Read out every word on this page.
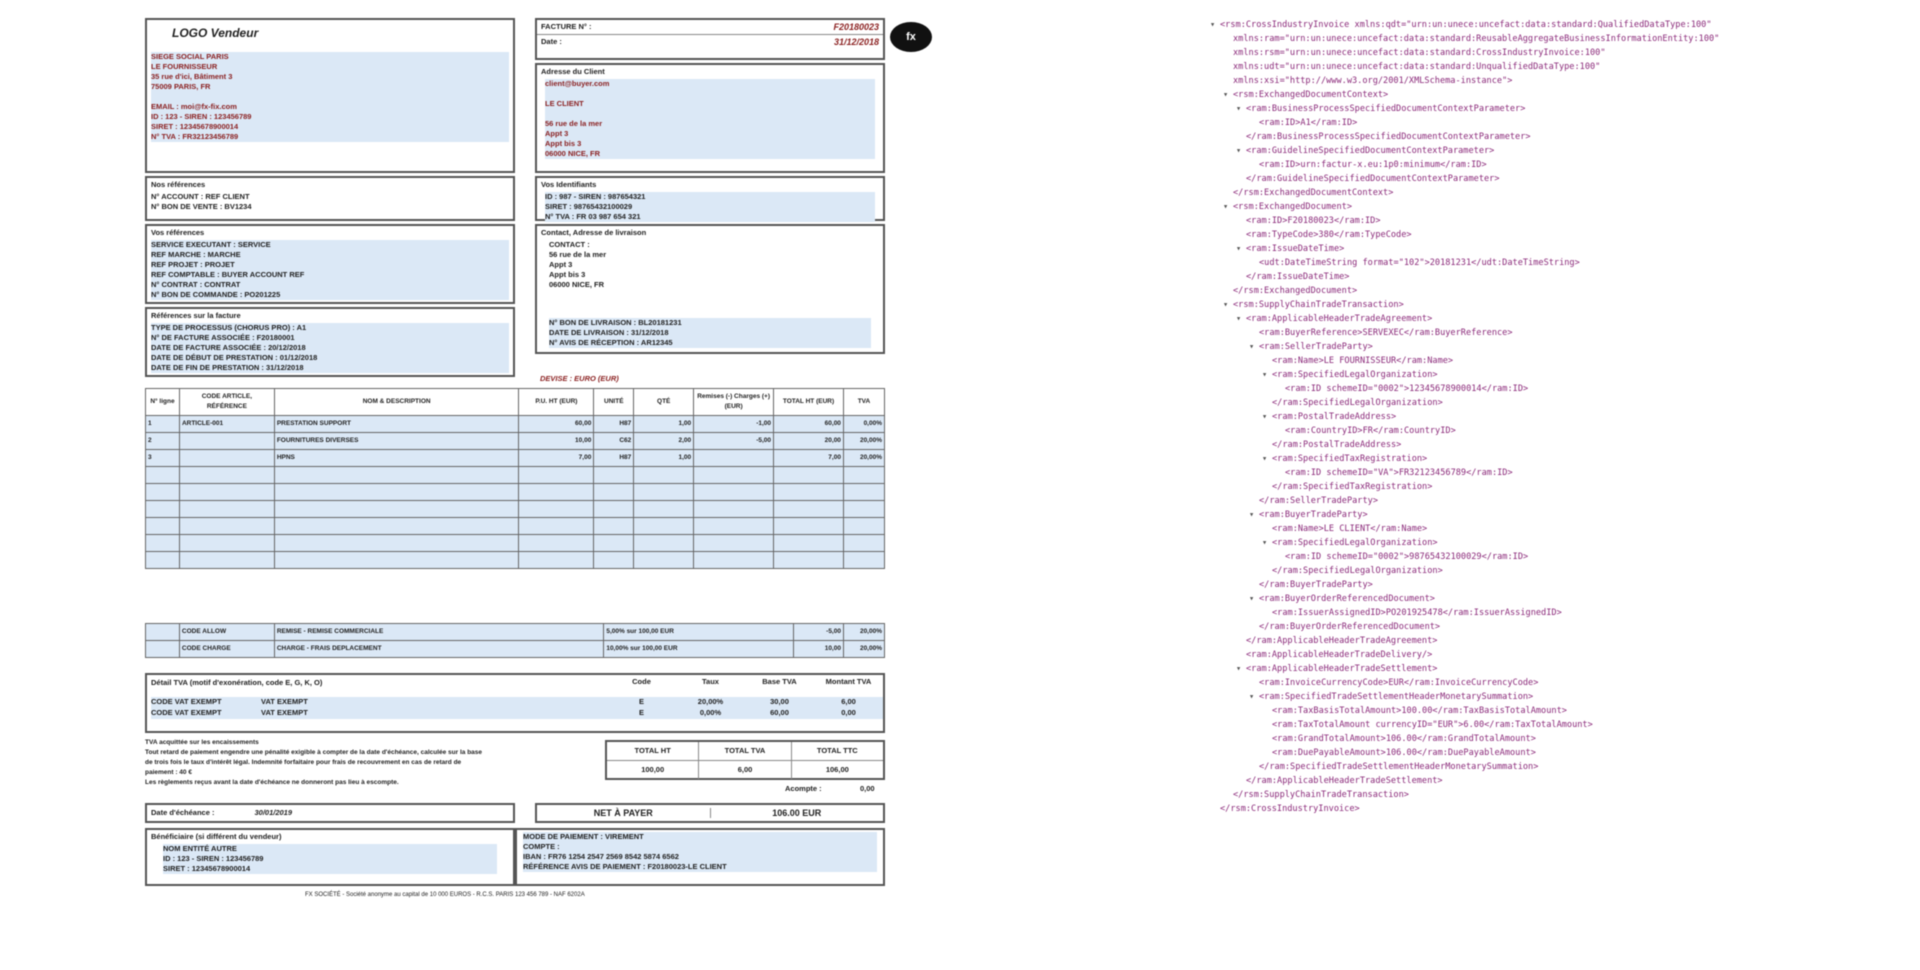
LOGO Vendeur
SIEGE SOCIAL PARIS
LE FOURNISSEUR
35 rue d'ici, Bâtiment 3
75009 PARIS, FR
EMAIL : moi@fx-fix.com
ID : 123 - SIREN : 123456789
SIRET : 12345678900014
N° TVA : FR32123456789
FACTURE N° :	F20180023
Date :	31/12/2018	fx
Adresse du Client
client@buyer.com
LE CLIENT
56 rue de la mer
Appt 3
Appt bis 3
06000 NICE, FR
Nos références
N° ACCOUNT : REF CLIENT
N° BON DE VENTE : BV1234
Vos Identifiants
ID : 987 - SIREN : 987654321
SIRET : 98765432100029
N° TVA : FR 03 987 654 321
Vos références
SERVICE EXECUTANT : SERVICE
REF MARCHE : MARCHE
REF PROJET : PROJET
REF COMPTABLE : BUYER ACCOUNT REF
N° CONTRAT : CONTRAT
N° BON DE COMMANDE : PO201225
Contact, Adresse de livraison
CONTACT :
56 rue de la mer
Appt 3
Appt bis 3
06000 NICE, FR
N° BON DE LIVRAISON : BL20181231
DATE DE LIVRAISON : 31/12/2018
N° AVIS DE RÉCEPTION : AR12345
Références sur la facture
TYPE DE PROCESSUS (CHORUS PRO) : A1
N° DE FACTURE ASSOCIÉE : F20180001
DATE DE FACTURE ASSOCIÉE : 20/12/2018
DATE DE DÉBUT DE PRESTATION : 01/12/2018
DATE DE FIN DE PRESTATION : 31/12/2018
DEVISE : EURO (EUR)
N° ligne	CODE ARTICLE, RÉFÉRENCE	NOM & DESCRIPTION	P.U. HT (EUR)	UNITÉ	QTÉ	Remises (-) Charges (+) (EUR)	TOTAL HT (EUR)	TVA
1	ARTICLE-001	PRESTATION SUPPORT	60,00	H87	1,00	-1,00	60,00	0,00%
2		FOURNITURES DIVERSES	10,00	C62	2,00	-5,00	20,00	20,00%
3		HPNS	7,00	H87	1,00		7,00	20,00%

	CODE ALLOW	REMISE - REMISE COMMERCIALE	5,00% sur 100,00 EUR	-5,00	20,00%
	CODE CHARGE	CHARGE - FRAIS DEPLACEMENT	10,00% sur 100,00 EUR	10,00	20,00%
Détail TVA (motif d'exonération, code E, G, K, O)	Code	Taux	Base TVA	Montant TVA
CODE VAT EXEMPT	VAT EXEMPT	E	20,00%	30,00	6,00
CODE VAT EXEMPT	VAT EXEMPT	E	0,00%	60,00	0,00
TVA acquittée sur les encaissements
Tout retard de paiement engendre une pénalité exigible à compter de la date d'échéance, calculée sur la base
de trois fois le taux d'intérêt légal. Indemnité forfaitaire pour frais de recouvrement en cas de retard de
paiement : 40 €
Les règlements reçus avant la date d'échéance ne donneront pas lieu à escompte.
TOTAL HT	TOTAL TVA	TOTAL TTC
100,00	6,00	106,00
Acompte :	0,00
Date d'échéance :	30/01/2019	NET À PAYER	106.00 EUR
Bénéficiaire (si différent du vendeur)
NOM ENTITÉ AUTRE
ID : 123 - SIREN : 123456789
SIRET : 12345678900014
MODE DE PAIEMENT : VIREMENT
COMPTE :
IBAN : FR76 1254 2547 2569 8542 5874 6562
RÉFÉRENCE AVIS DE PAIEMENT : F20180023-LE CLIENT
FX SOCIÉTÉ - Société anonyme au capital de 10 000 EUROS - R.C.S. PARIS 123 456 789 - NAF 6202A
▾ <rsm:CrossIndustryInvoice xmlns:qdt="urn:un:unece:uncefact:data:standard:QualifiedDataType:100"
xmlns:ram="urn:un:unece:uncefact:data:standard:ReusableAggregateBusinessInformationEntity:100"
xmlns:rsm="urn:un:unece:uncefact:data:standard:CrossIndustryInvoice:100"
xmlns:udt="urn:un:unece:uncefact:data:standard:UnqualifiedDataType:100"
xmlns:xsi="http://www.w3.org/2001/XMLSchema-instance">
▾ <rsm:ExchangedDocumentContext>
▾ <ram:BusinessProcessSpecifiedDocumentContextParameter>
<ram:ID>A1</ram:ID>
</ram:BusinessProcessSpecifiedDocumentContextParameter>
▾ <ram:GuidelineSpecifiedDocumentContextParameter>
<ram:ID>urn:factur-x.eu:1p0:minimum</ram:ID>
</ram:GuidelineSpecifiedDocumentContextParameter>
</rsm:ExchangedDocumentContext>
▾ <rsm:ExchangedDocument>
<ram:ID>F20180023</ram:ID>
<ram:TypeCode>380</ram:TypeCode>
▾ <ram:IssueDateTime>
<udt:DateTimeString format="102">20181231</udt:DateTimeString>
</ram:IssueDateTime>
</rsm:ExchangedDocument>
▾ <rsm:SupplyChainTradeTransaction>
▾ <ram:ApplicableHeaderTradeAgreement>
<ram:BuyerReference>SERVEXEC</ram:BuyerReference>
▾ <ram:SellerTradeParty>
<ram:Name>LE FOURNISSEUR</ram:Name>
▾ <ram:SpecifiedLegalOrganization>
<ram:ID schemeID="0002">12345678900014</ram:ID>
</ram:SpecifiedLegalOrganization>
▾ <ram:PostalTradeAddress>
<ram:CountryID>FR</ram:CountryID>
</ram:PostalTradeAddress>
▾ <ram:SpecifiedTaxRegistration>
<ram:ID schemeID="VA">FR32123456789</ram:ID>
</ram:SpecifiedTaxRegistration>
</ram:SellerTradeParty>
▾ <ram:BuyerTradeParty>
<ram:Name>LE CLIENT</ram:Name>
▾ <ram:SpecifiedLegalOrganization>
<ram:ID schemeID="0002">98765432100029</ram:ID>
</ram:SpecifiedLegalOrganization>
</ram:BuyerTradeParty>
▾ <ram:BuyerOrderReferencedDocument>
<ram:IssuerAssignedID>PO201925478</ram:IssuerAssignedID>
</ram:BuyerOrderReferencedDocument>
</ram:ApplicableHeaderTradeAgreement>
<ram:ApplicableHeaderTradeDelivery/>
▾ <ram:ApplicableHeaderTradeSettlement>
<ram:InvoiceCurrencyCode>EUR</ram:InvoiceCurrencyCode>
▾ <ram:SpecifiedTradeSettlementHeaderMonetarySummation>
<ram:TaxBasisTotalAmount>100.00</ram:TaxBasisTotalAmount>
<ram:TaxTotalAmount currencyID="EUR">6.00</ram:TaxTotalAmount>
<ram:GrandTotalAmount>106.00</ram:GrandTotalAmount>
<ram:DuePayableAmount>106.00</ram:DuePayableAmount>
</ram:SpecifiedTradeSettlementHeaderMonetarySummation>
</ram:ApplicableHeaderTradeSettlement>
</rsm:SupplyChainTradeTransaction>
</rsm:CrossIndustryInvoice>
